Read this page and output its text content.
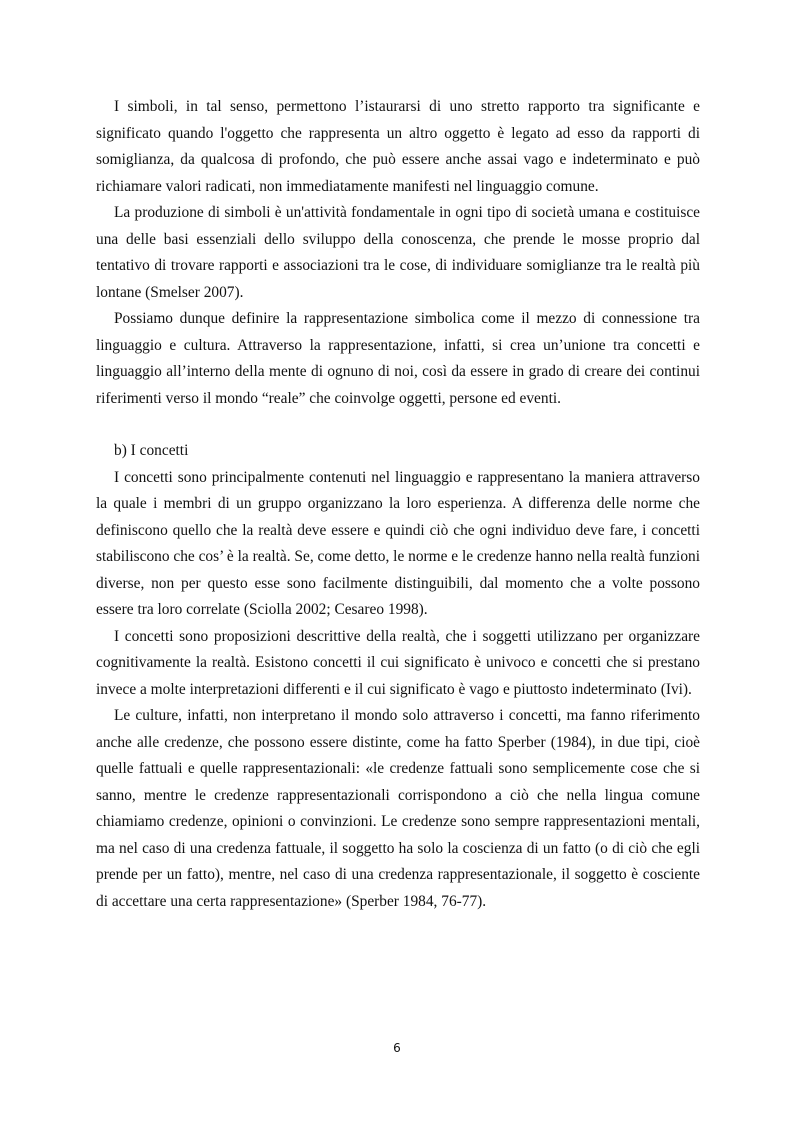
I simboli, in tal senso, permettono l’istaurarsi di uno stretto rapporto tra significante e significato quando l'oggetto che rappresenta un altro oggetto è legato ad esso da rapporti di somiglianza, da qualcosa di profondo, che può essere anche assai vago e indeterminato e può richiamare valori radicati, non immediatamente manifesti nel linguaggio comune.

La produzione di simboli è un'attività fondamentale in ogni tipo di società umana e costituisce una delle basi essenziali dello sviluppo della conoscenza, che prende le mosse proprio dal tentativo di trovare rapporti e associazioni tra le cose, di individuare somiglianze tra le realtà più lontane (Smelser 2007).

Possiamo dunque definire la rappresentazione simbolica come il mezzo di connessione tra linguaggio e cultura. Attraverso la rappresentazione, infatti, si crea un’unione tra concetti e linguaggio all’interno della mente di ognuno di noi, così da essere in grado di creare dei continui riferimenti verso il mondo “reale” che coinvolge oggetti, persone ed eventi.

b) I concetti

I concetti sono principalmente contenuti nel linguaggio e rappresentano la maniera attraverso la quale i membri di un gruppo organizzano la loro esperienza. A differenza delle norme che definiscono quello che la realtà deve essere e quindi ciò che ogni individuo deve fare, i concetti stabiliscono che cos’ è la realtà. Se, come detto, le norme e le credenze hanno nella realtà funzioni diverse, non per questo esse sono facilmente distinguibili, dal momento che a volte possono essere tra loro correlate (Sciolla 2002; Cesareo 1998).

I concetti sono proposizioni descrittive della realtà, che i soggetti utilizzano per organizzare cognitivamente la realtà. Esistono concetti il cui significato è univoco e concetti che si prestano invece a molte interpretazioni differenti e il cui significato è vago e piuttosto indeterminato (Ivi).

Le culture, infatti, non interpretano il mondo solo attraverso i concetti, ma fanno riferimento anche alle credenze, che possono essere distinte, come ha fatto Sperber (1984), in due tipi, cioè quelle fattuali e quelle rappresentazionali: «le credenze fattuali sono semplicemente cose che si sanno, mentre le credenze rappresentazionali corrispondono a ciò che nella lingua comune chiamiamo credenze, opinioni o convinzioni. Le credenze sono sempre rappresentazioni mentali, ma nel caso di una credenza fattuale, il soggetto ha solo la coscienza di un fatto (o di ciò che egli prende per un fatto), mentre, nel caso di una credenza rappresentazionale, il soggetto è cosciente di accettare una certa rappresentazione» (Sperber 1984, 76-77).

6
